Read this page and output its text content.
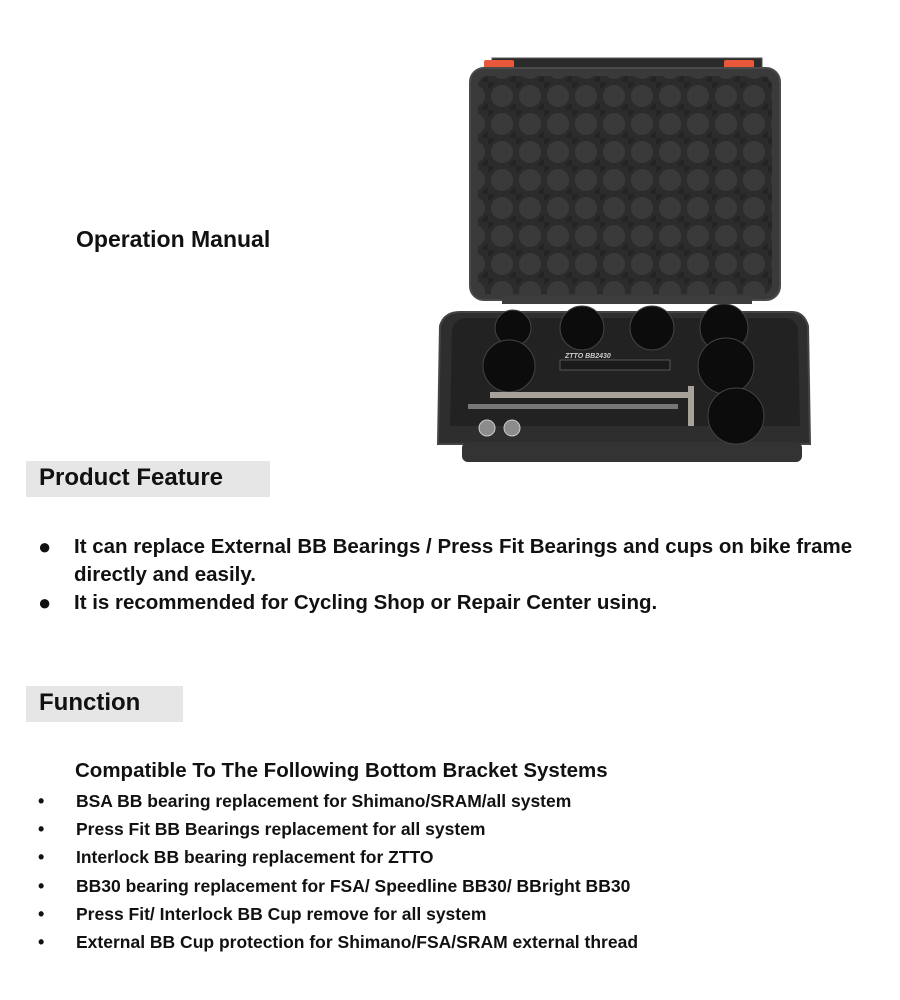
Operation Manual
ZTTO BB2430
Product Feature
●	It can replace External BB Bearings / Press Fit Bearings and cups on bike frame directly and easily.
●	It is recommended for Cycling Shop or Repair Center using.
Function
Compatible To The Following Bottom Bracket Systems
•	BSA BB bearing replacement for Shimano/SRAM/all system
•	Press Fit BB Bearings replacement for all system
•	Interlock BB bearing replacement for ZTTO
•	BB30 bearing replacement for FSA/ Speedline BB30/ BBright BB30
•	Press Fit/ Interlock BB Cup remove for all system
•	External BB Cup protection for Shimano/FSA/SRAM external thread
